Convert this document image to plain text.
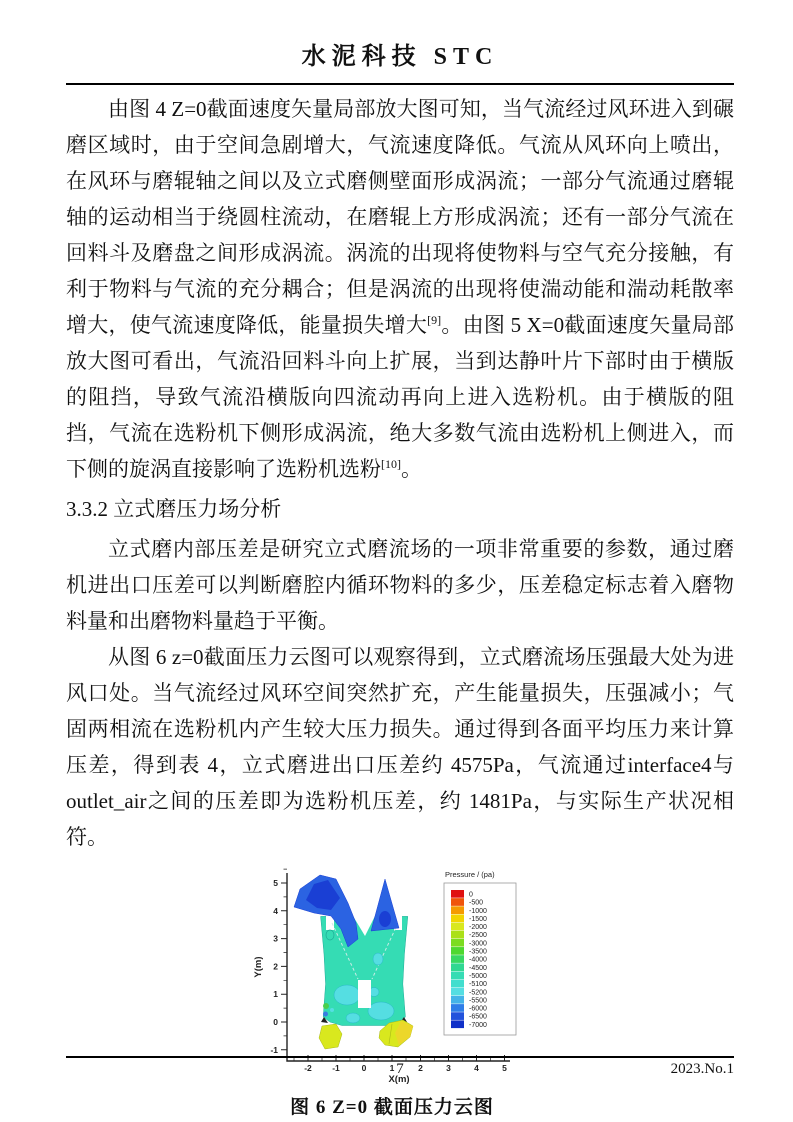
水泥科技 STC

由图 4 Z=0截面速度矢量局部放大图可知，当气流经过风环进入到碾磨区域时，由于空间急剧增大，气流速度降低。气流从风环向上喷出，在风环与磨辊轴之间以及立式磨侧壁面形成涡流；一部分气流通过磨辊轴的运动相当于绕圆柱流动，在磨辊上方形成涡流；还有一部分气流在回料斗及磨盘之间形成涡流。涡流的出现将使物料与空气充分接触，有利于物料与气流的充分耦合；但是涡流的出现将使湍动能和湍动耗散率增大，使气流速度降低，能量损失增大[9]。由图 5 X=0截面速度矢量局部放大图可看出，气流沿回料斗向上扩展，当到达静叶片下部时由于横版的阻挡，导致气流沿横版向四流动再向上进入选粉机。由于横版的阻挡，气流在选粉机下侧形成涡流，绝大多数气流由选粉机上侧进入，而下侧的旋涡直接影响了选粉机选粉[10]。

3.3.2 立式磨压力场分析

立式磨内部压差是研究立式磨流场的一项非常重要的参数，通过磨机进出口压差可以判断磨腔内循环物料的多少，压差稳定标志着入磨物料量和出磨物料量趋于平衡。

从图 6 z=0截面压力云图可以观察得到，立式磨流场压强最大处为进风口处。当气流经过风环空间突然扩充，产生能量损失，压强减小；气固两相流在选粉机内产生较大压力损失。通过得到各面平均压力来计算压差，得到表 4，立式磨进出口压差约 4575Pa，气流通过interface4与outlet_air之间的压差即为选粉机压差，约 1481Pa，与实际生产状况相符。

-2 -1	0	1	2	3	4	5
5
4
3
2
1
0
-1
X(m)
Y(m)
Pressure / (pa)
0
-500
-1000
-1500
-2000
-2500
-3000
-3500
-4000
-4500
-5000
-5100
-5200
-5500
-6000
-6500
-7000
图 6 Z=0 截面压力云图
7	2023.No.1
